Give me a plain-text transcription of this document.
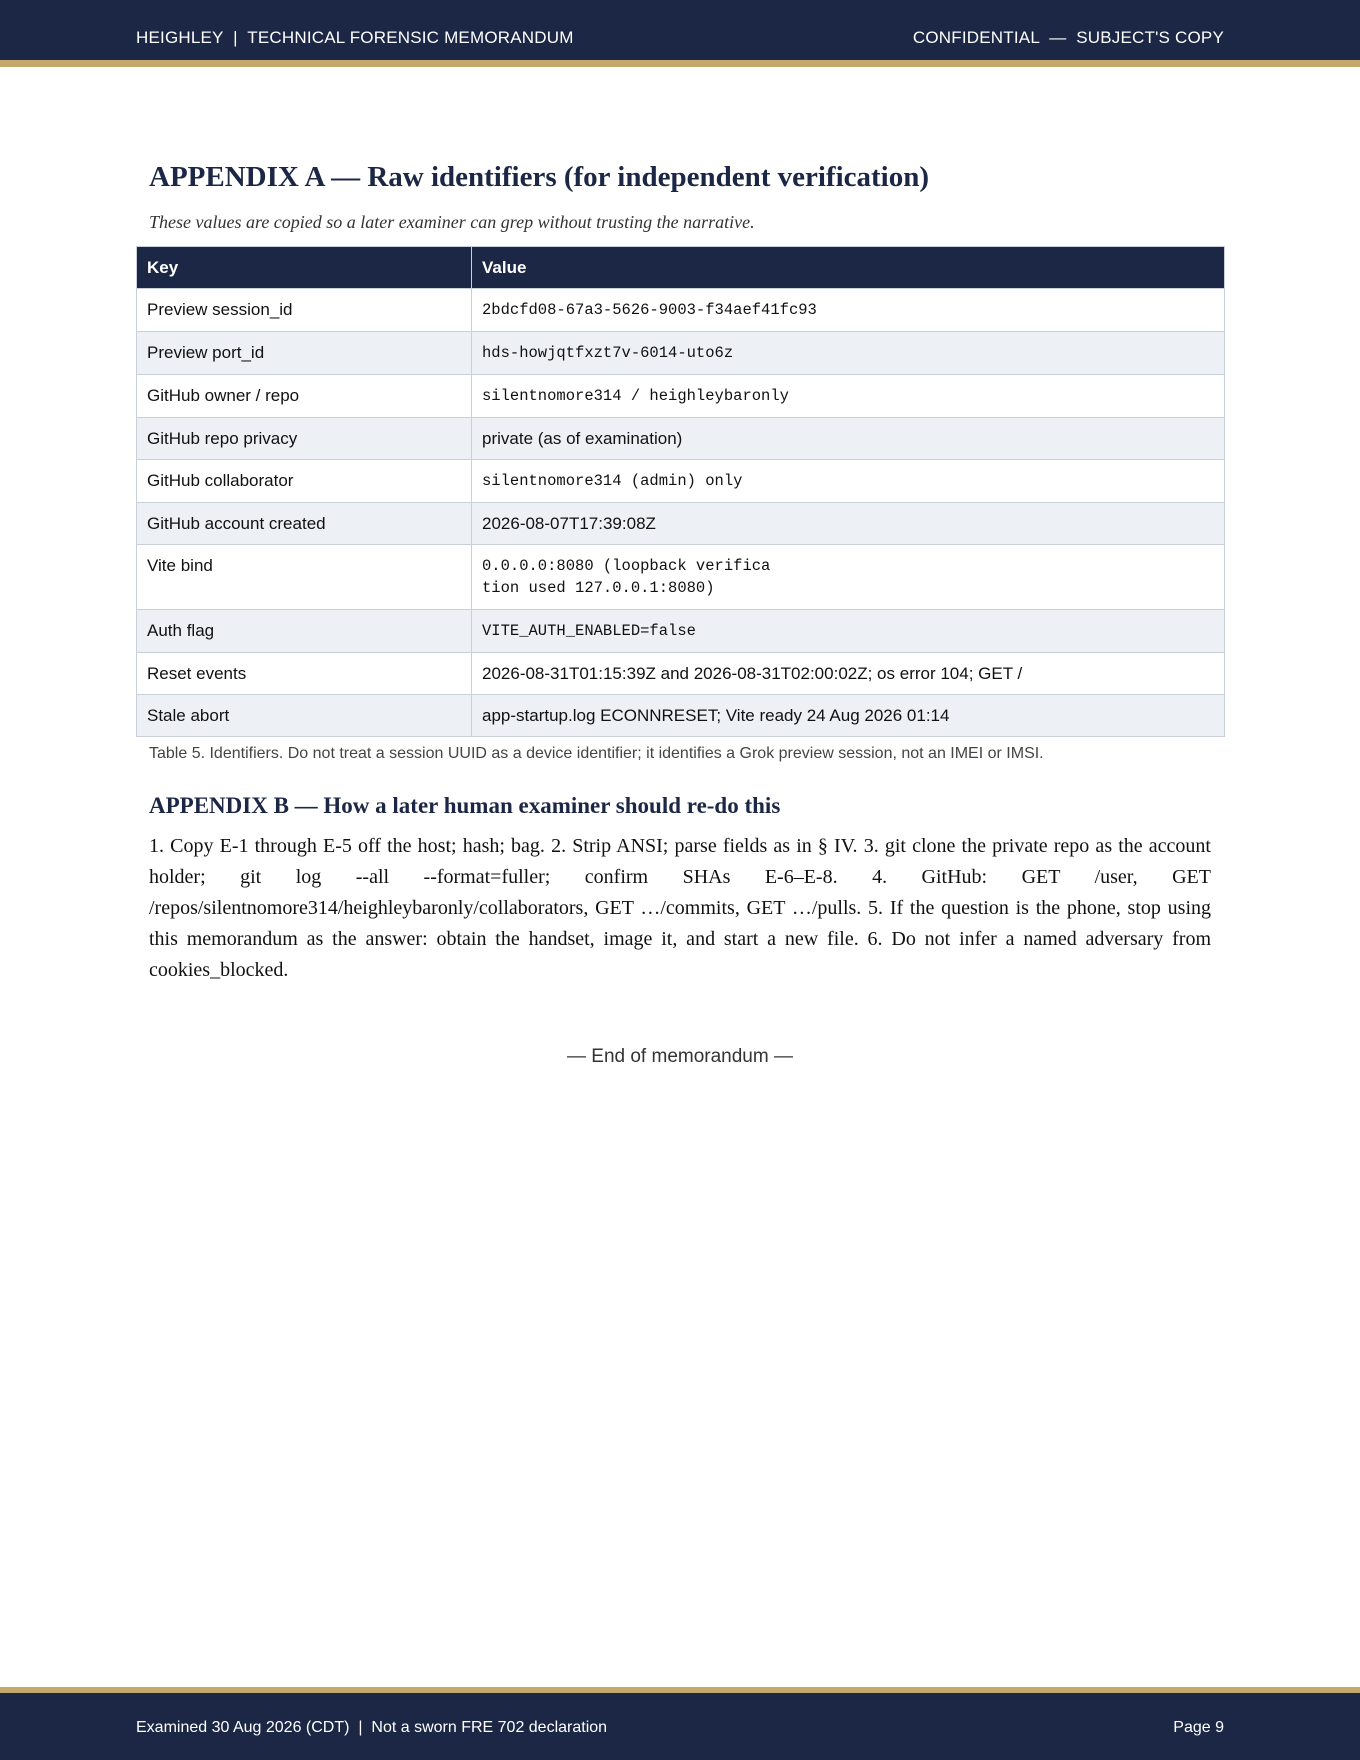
HEIGHLEY  |  TECHNICAL FORENSIC MEMORANDUM	CONFIDENTIAL  —  SUBJECT'S COPY
APPENDIX A — Raw identifiers (for independent verification)

These values are copied so a later examiner can grep without trusting the narrative.

Key	Value
Preview session_id	2bdcfd08-67a3-5626-9003-f34aef41fc93
Preview port_id	hds-howjqtfxzt7v-6014-uto6z
GitHub owner / repo	silentnomore314 / heighleybaronly
GitHub repo privacy	private (as of examination)
GitHub collaborator	silentnomore314 (admin) only
GitHub account created	2026-08-07T17:39:08Z
Vite bind	0.0.0.0:8080 (loopback verifica
tion used 127.0.0.1:8080)
Auth flag	VITE_AUTH_ENABLED=false
Reset events	2026-08-31T01:15:39Z and 2026-08-31T02:00:02Z; os error 104; GET /
Stale abort	app-startup.log ECONNRESET; Vite ready 24 Aug 2026 01:14

Table 5. Identifiers. Do not treat a session UUID as a device identifier; it identifies a Grok preview session, not an IMEI or IMSI.

APPENDIX B — How a later human examiner should re-do this

1. Copy E-1 through E-5 off the host; hash; bag. 2. Strip ANSI; parse fields as in § IV. 3. git clone the private repo as the account holder; git log --all --format=fuller; confirm SHAs E-6–E-8. 4. GitHub: GET /user, GET /repos/silentnomore314/heighleybaronly/collaborators, GET …/commits, GET …/pulls. 5. If the question is the phone, stop using this memorandum as the answer: obtain the handset, image it, and start a new file. 6. Do not infer a named adversary from cookies_blocked.

— End of memorandum —
Examined 30 Aug 2026 (CDT)  |  Not a sworn FRE 702 declaration	Page 9
